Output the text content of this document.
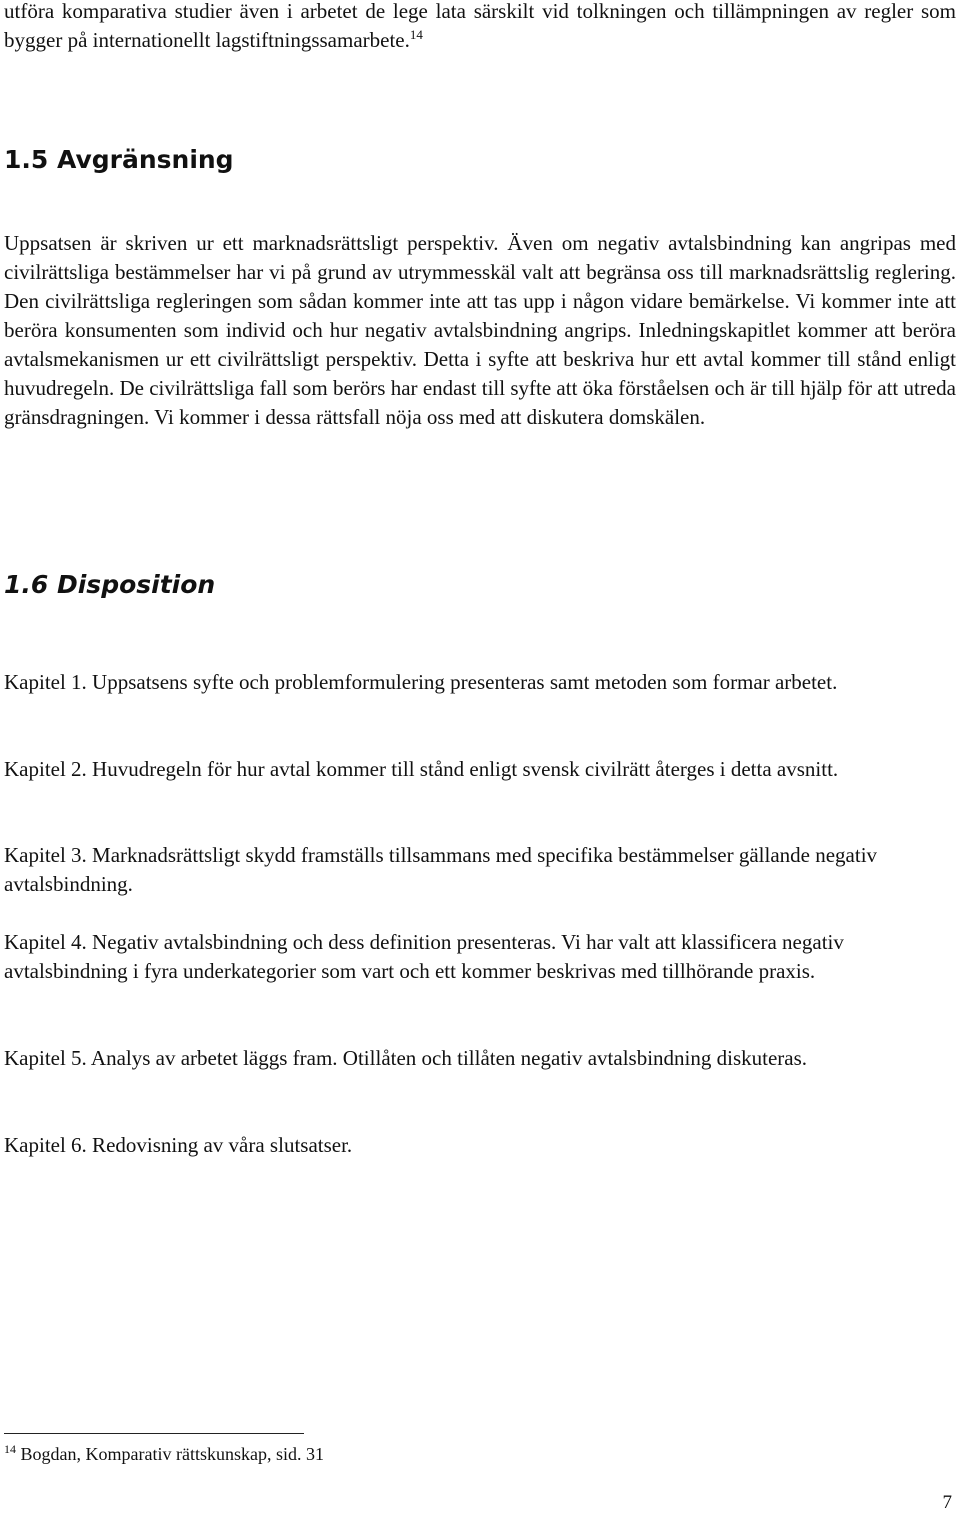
utföra komparativa studier även i arbetet de lege lata särskilt vid tolkningen och tillämpningen av regler som bygger på internationellt lagstiftningssamarbete.$^{14}$

1.5 Avgränsning

Uppsatsen är skriven ur ett marknadsrättsligt perspektiv. Även om negativ avtalsbindning kan angripas med civilrättsliga bestämmelser har vi på grund av utrymmesskäl valt att begränsa oss till marknadsrättslig reglering. Den civilrättsliga regleringen som sådan kommer inte att tas upp i någon vidare bemärkelse. Vi kommer inte att beröra konsumenten som individ och hur negativ avtalsbindning angrips. Inledningskapitlet kommer att beröra avtalsmekanismen ur ett civilrättsligt perspektiv. Detta i syfte att beskriva hur ett avtal kommer till stånd enligt huvudregeln. De civilrättsliga fall som berörs har endast till syfte att öka förståelsen och är till hjälp för att utreda gränsdragningen. Vi kommer i dessa rättsfall nöja oss med att diskutera domskälen.

1.6 Disposition

Kapitel 1. Uppsatsens syfte och problemformulering presenteras samt metoden som formar arbetet.

Kapitel 2. Huvudregeln för hur avtal kommer till stånd enligt svensk civilrätt återges i detta avsnitt.

Kapitel 3. Marknadsrättsligt skydd framställs tillsammans med specifika bestämmelser gällande negativ avtalsbindning.

Kapitel 4. Negativ avtalsbindning och dess definition presenteras. Vi har valt att klassificera negativ avtalsbindning i fyra underkategorier som vart och ett kommer beskrivas med tillhörande praxis.

Kapitel 5. Analys av arbetet läggs fram. Otillåten och tillåten negativ avtalsbindning diskuteras.

Kapitel 6. Redovisning av våra slutsatser.

$^{14}$ Bogdan, Komparativ rättskunskap, sid. 31

7
